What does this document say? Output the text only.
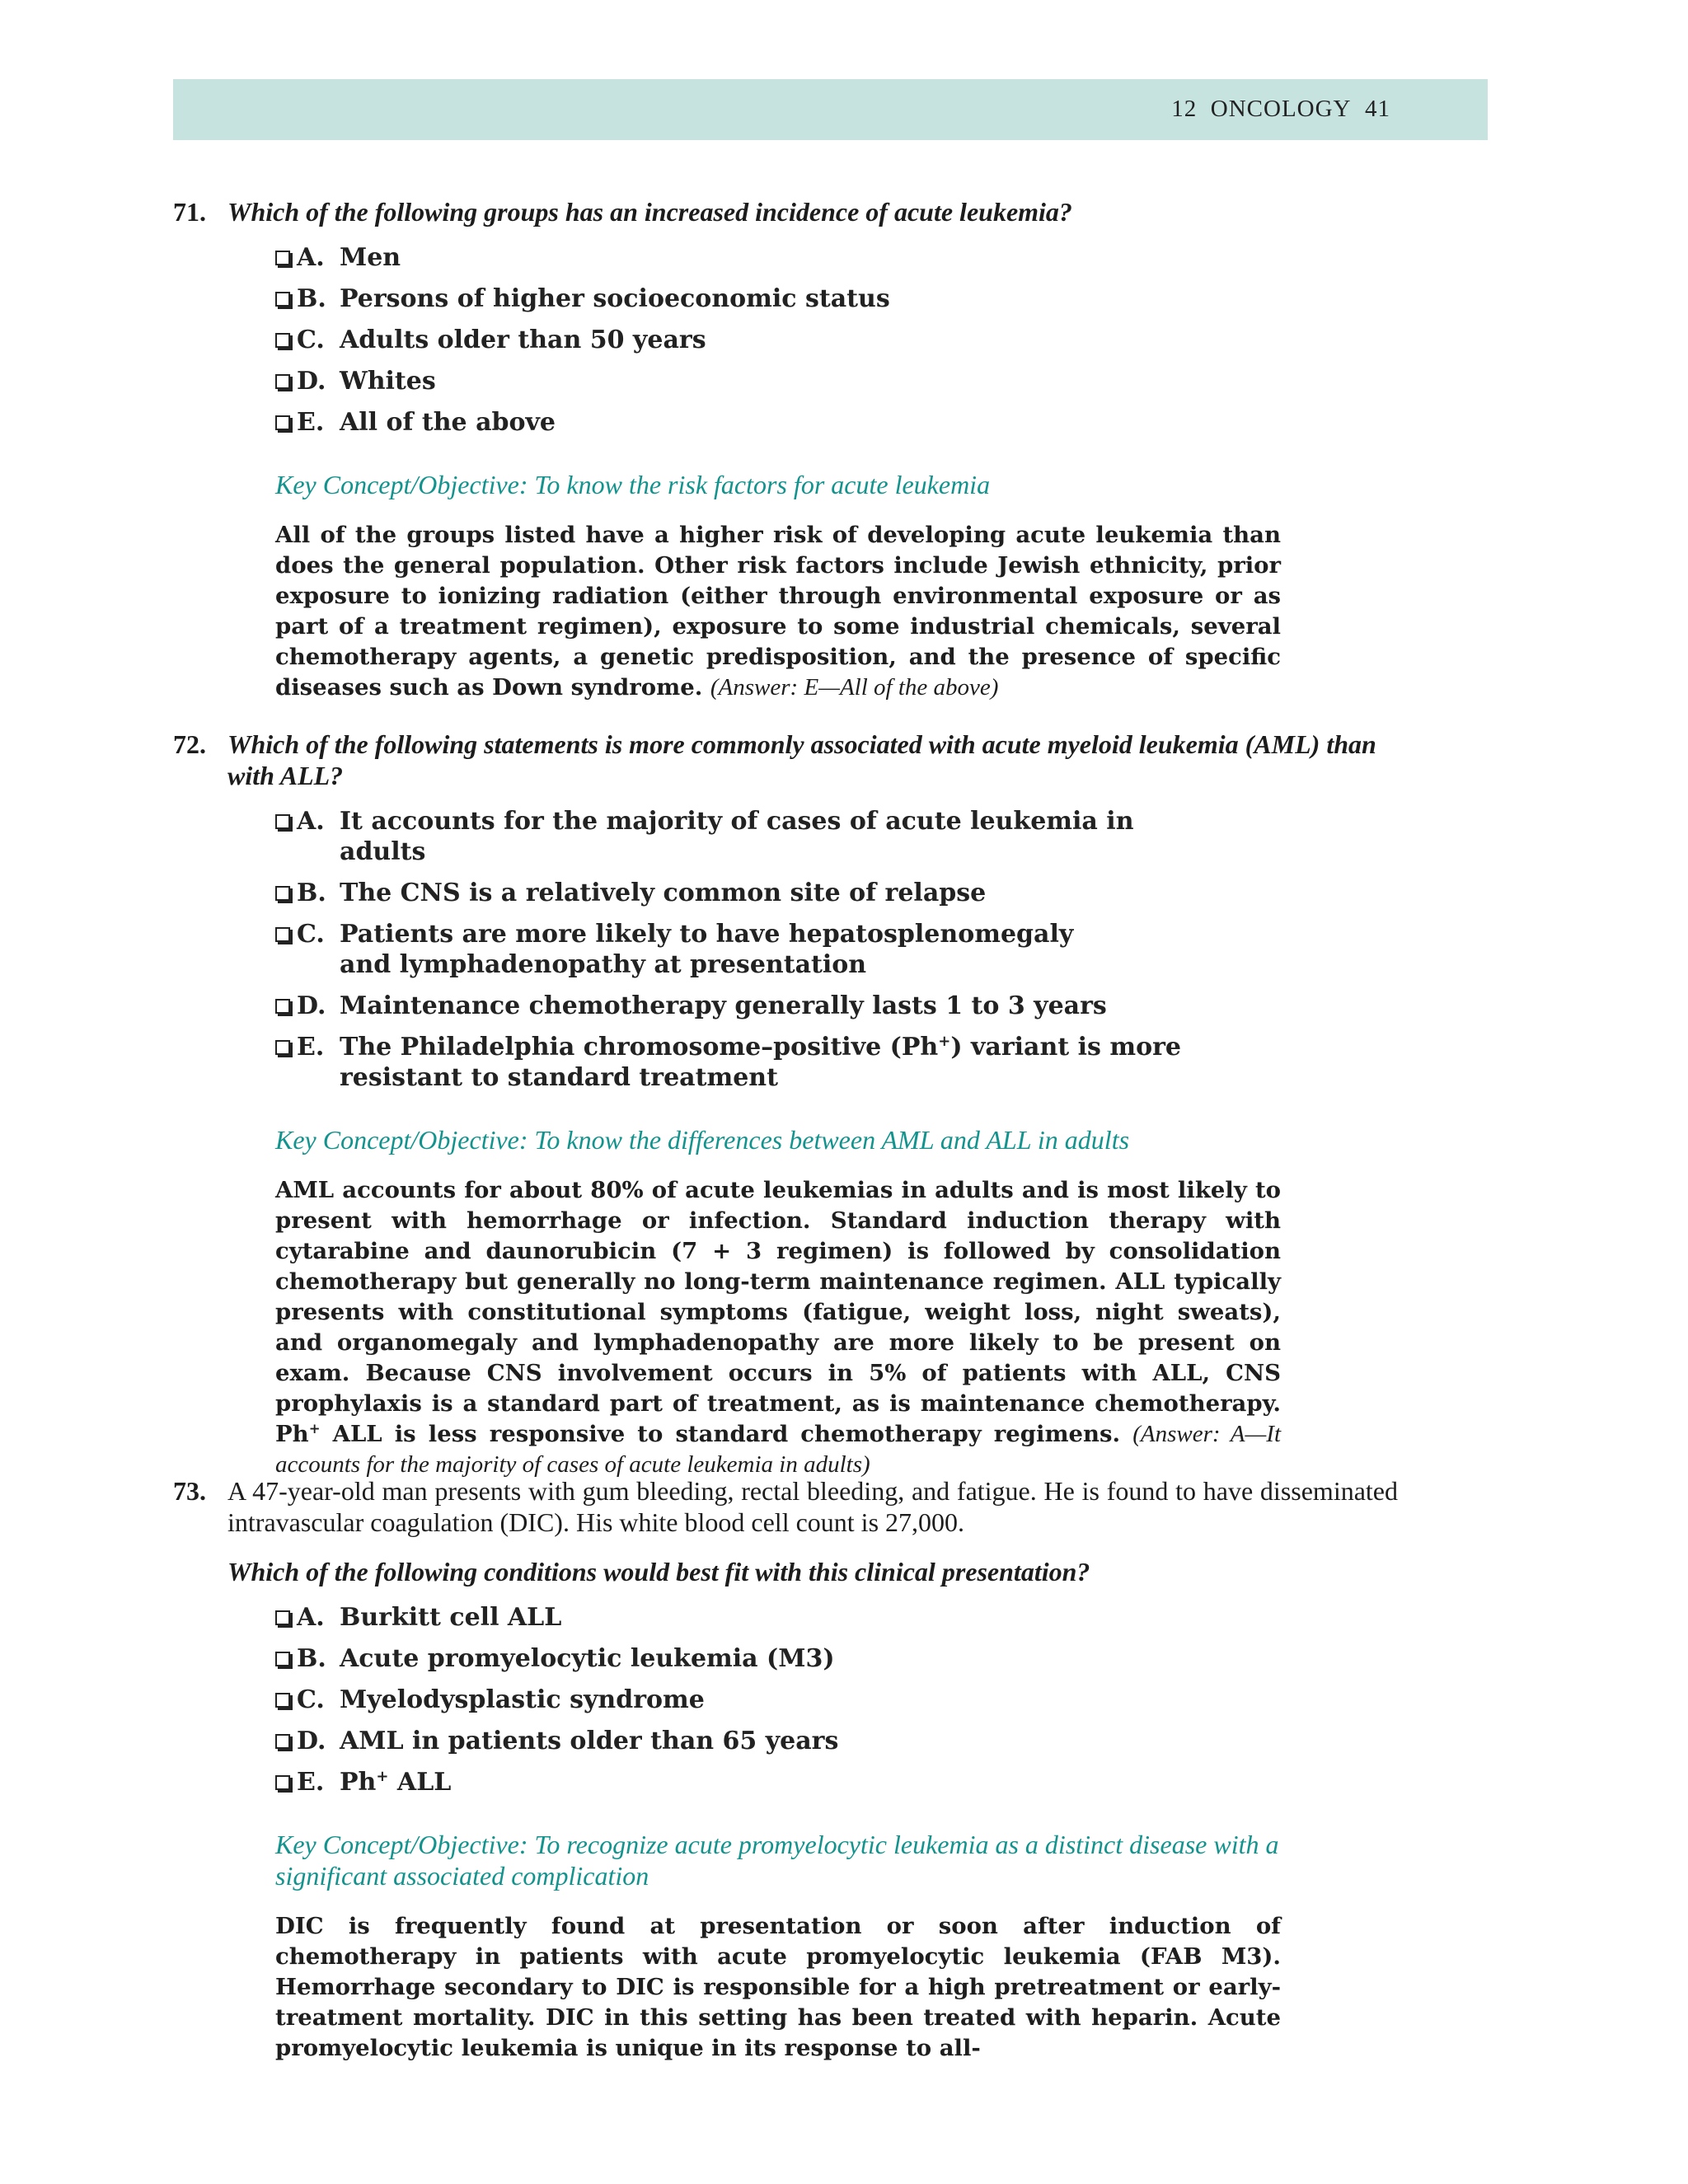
12 ONCOLOGY 41
71. Which of the following groups has an increased incidence of acute leukemia?
A. Men
B. Persons of higher socioeconomic status
C. Adults older than 50 years
D. Whites
E. All of the above
Key Concept/Objective: To know the risk factors for acute leukemia
All of the groups listed have a higher risk of developing acute leukemia than does the general population. Other risk factors include Jewish ethnicity, prior exposure to ionizing radiation (either through environmental exposure or as part of a treatment regimen), exposure to some industrial chemicals, several chemotherapy agents, a genetic predisposition, and the presence of specific diseases such as Down syndrome. (Answer: E—All of the above)
72. Which of the following statements is more commonly associated with acute myeloid leukemia (AML) than with ALL?
A. It accounts for the majority of cases of acute leukemia in adults
B. The CNS is a relatively common site of relapse
C. Patients are more likely to have hepatosplenomegaly and lymphadenopathy at presentation
D. Maintenance chemotherapy generally lasts 1 to 3 years
E. The Philadelphia chromosome–positive (Ph+) variant is more resistant to standard treatment
Key Concept/Objective: To know the differences between AML and ALL in adults
AML accounts for about 80% of acute leukemias in adults and is most likely to present with hemorrhage or infection. Standard induction therapy with cytarabine and daunorubicin (7 + 3 regimen) is followed by consolidation chemotherapy but generally no long-term maintenance regimen. ALL typically presents with constitutional symptoms (fatigue, weight loss, night sweats), and organomegaly and lymphadenopathy are more likely to be present on exam. Because CNS involvement occurs in 5% of patients with ALL, CNS prophylaxis is a standard part of treatment, as is maintenance chemotherapy. Ph+ ALL is less responsive to standard chemotherapy regimens. (Answer: A—It accounts for the majority of cases of acute leukemia in adults)
73. A 47-year-old man presents with gum bleeding, rectal bleeding, and fatigue. He is found to have disseminated intravascular coagulation (DIC). His white blood cell count is 27,000.
Which of the following conditions would best fit with this clinical presentation?
A. Burkitt cell ALL
B. Acute promyelocytic leukemia (M3)
C. Myelodysplastic syndrome
D. AML in patients older than 65 years
E. Ph+ ALL
Key Concept/Objective: To recognize acute promyelocytic leukemia as a distinct disease with a significant associated complication
DIC is frequently found at presentation or soon after induction of chemotherapy in patients with acute promyelocytic leukemia (FAB M3). Hemorrhage secondary to DIC is responsible for a high pretreatment or early-treatment mortality. DIC in this setting has been treated with heparin. Acute promyelocytic leukemia is unique in its response to all-
